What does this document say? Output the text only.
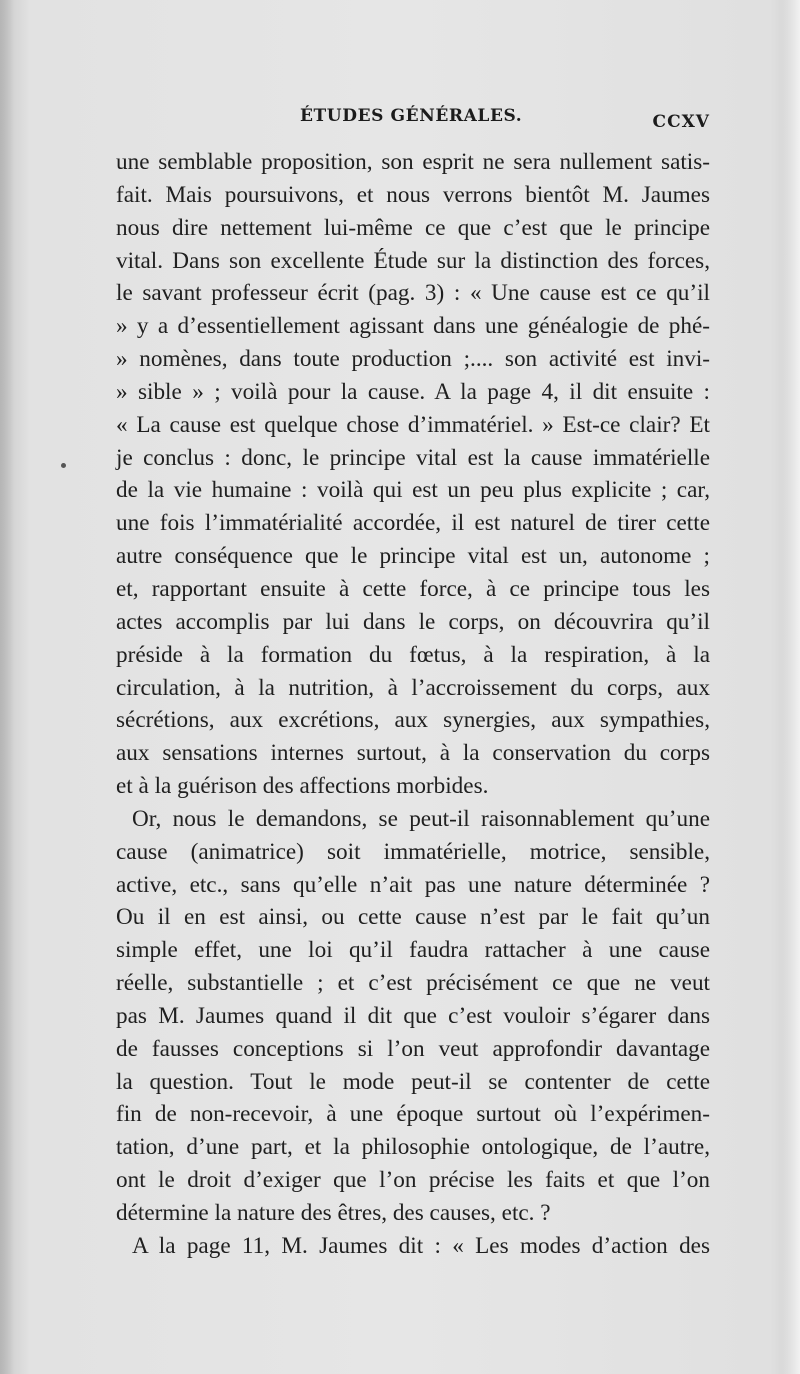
ÉTUDES GÉNÉRALES.	CCXV
une semblable proposition, son esprit ne sera nullement satis-
fait. Mais poursuivons, et nous verrons bientôt M. Jaumes
nous dire nettement lui-même ce que c’est que le principe
vital. Dans son excellente Étude sur la distinction des forces,
le savant professeur écrit (pag. 3) : « Une cause est ce qu’il
» y a d’essentiellement agissant dans une généalogie de phé-
» nomènes, dans toute production ;.... son activité est invi-
» sible » ; voilà pour la cause. A la page 4, il dit ensuite :
« La cause est quelque chose d’immatériel. » Est-ce clair? Et
je conclus : donc, le principe vital est la cause immatérielle
de la vie humaine : voilà qui est un peu plus explicite ; car,
une fois l’immatérialité accordée, il est naturel de tirer cette
autre conséquence que le principe vital est un, autonome ;
et, rapportant ensuite à cette force, à ce principe tous les
actes accomplis par lui dans le corps, on découvrira qu’il
préside à la formation du fœtus, à la respiration, à la
circulation, à la nutrition, à l’accroissement du corps, aux
sécrétions, aux excrétions, aux synergies, aux sympathies,
aux sensations internes surtout, à la conservation du corps
et à la guérison des affections morbides.
Or, nous le demandons, se peut-il raisonnablement qu’une
cause (animatrice) soit immatérielle, motrice, sensible,
active, etc., sans qu’elle n’ait pas une nature déterminée ?
Ou il en est ainsi, ou cette cause n’est par le fait qu’un
simple effet, une loi qu’il faudra rattacher à une cause
réelle, substantielle ; et c’est précisément ce que ne veut
pas M. Jaumes quand il dit que c’est vouloir s’égarer dans
de fausses conceptions si l’on veut approfondir davantage
la question. Tout le mode peut-il se contenter de cette
fin de non-recevoir, à une époque surtout où l’expérimen-
tation, d’une part, et la philosophie ontologique, de l’autre,
ont le droit d’exiger que l’on précise les faits et que l’on
détermine la nature des êtres, des causes, etc. ?
A la page 11, M. Jaumes dit : « Les modes d’action des
